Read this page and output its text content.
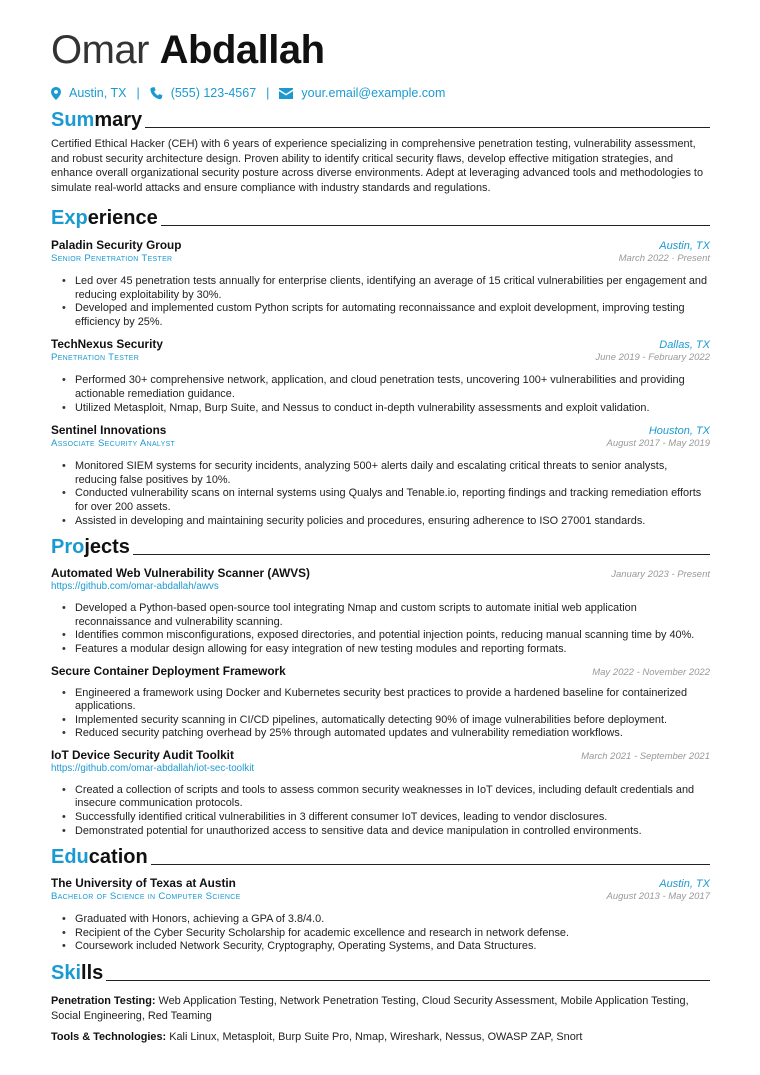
Omar Abdallah
Austin, TX | (555) 123-4567 |	your.email@example.com
Sum mary

Certified Ethical Hacker (CEH) with 6 years of experience specializing in comprehensive penetration testing, vulnerability assessment, and robust security architecture design. Proven ability to identify critical security flaws, develop effective mitigation strategies, and enhance overall organizational security posture across diverse environments. Adept at leveraging advanced tools and methodologies to simulate real-world attacks and ensure compliance with industry standards and regulations.

Exp erience
Paladin Security Group	Austin, TX
Senior Penetration Tester	March 2022 · Present
• Led over 45 penetration tests annually for enterprise clients, identifying an average of 15 critical vulnerabilities per engagement and reducing exploitability by 30%.
• Developed and implemented custom Python scripts for automating reconnaissance and exploit development, improving testing efficiency by 25%.
TechNexus Security	Dallas, TX
Penetration Tester	June 2019 - February 2022
• Performed 30+ comprehensive network, application, and cloud penetration tests, uncovering 100+ vulnerabilities and providing actionable remediation guidance.
• Utilized Metasploit, Nmap, Burp Suite, and Nessus to conduct in-depth vulnerability assessments and exploit validation.
Sentinel Innovations	Houston, TX
Associate Security Analyst	August 2017 - May 2019
• Monitored SIEM systems for security incidents, analyzing 500+ alerts daily and escalating critical threats to senior analysts, reducing false positives by 10%.
• Conducted vulnerability scans on internal systems using Qualys and Tenable.io, reporting findings and tracking remediation efforts for over 200 assets.
• Assisted in developing and maintaining security policies and procedures, ensuring adherence to ISO 27001 standards.
Pro jects
Automated Web Vulnerability Scanner (AWVS)	January 2023 - Present
https://github.com/omar-abdallah/awvs
• Developed a Python-based open-source tool integrating Nmap and custom scripts to automate initial web application reconnaissance and vulnerability scanning.
• Identifies common misconfigurations, exposed directories, and potential injection points, reducing manual scanning time by 40%.
• Features a modular design allowing for easy integration of new testing modules and reporting formats.
Secure Container Deployment Framework	May 2022 - November 2022
• Engineered a framework using Docker and Kubernetes security best practices to provide a hardened baseline for containerized applications.
• Implemented security scanning in CI/CD pipelines, automatically detecting 90% of image vulnerabilities before deployment.
• Reduced security patching overhead by 25% through automated updates and vulnerability remediation workflows.
IoT Device Security Audit Toolkit	March 2021 - September 2021
https://github.com/omar-abdallah/iot-sec-toolkit
• Created a collection of scripts and tools to assess common security weaknesses in IoT devices, including default credentials and insecure communication protocols.
• Successfully identified critical vulnerabilities in 3 different consumer IoT devices, leading to vendor disclosures.
• Demonstrated potential for unauthorized access to sensitive data and device manipulation in controlled environments.
Edu cation
The University of Texas at Austin	Austin, TX
Bachelor of Science in Computer Science	August 2013 - May 2017
• Graduated with Honors, achieving a GPA of 3.8/4.0.
• Recipient of the Cyber Security Scholarship for academic excellence and research in network defense.
• Coursework included Network Security, Cryptography, Operating Systems, and Data Structures.
Ski lls

Penetration Testing: Web Application Testing, Network Penetration Testing, Cloud Security Assessment, Mobile Application Testing, Social Engineering, Red Teaming

Tools & Technologies: Kali Linux, Metasploit, Burp Suite Pro, Nmap, Wireshark, Nessus, OWASP ZAP, Snort
